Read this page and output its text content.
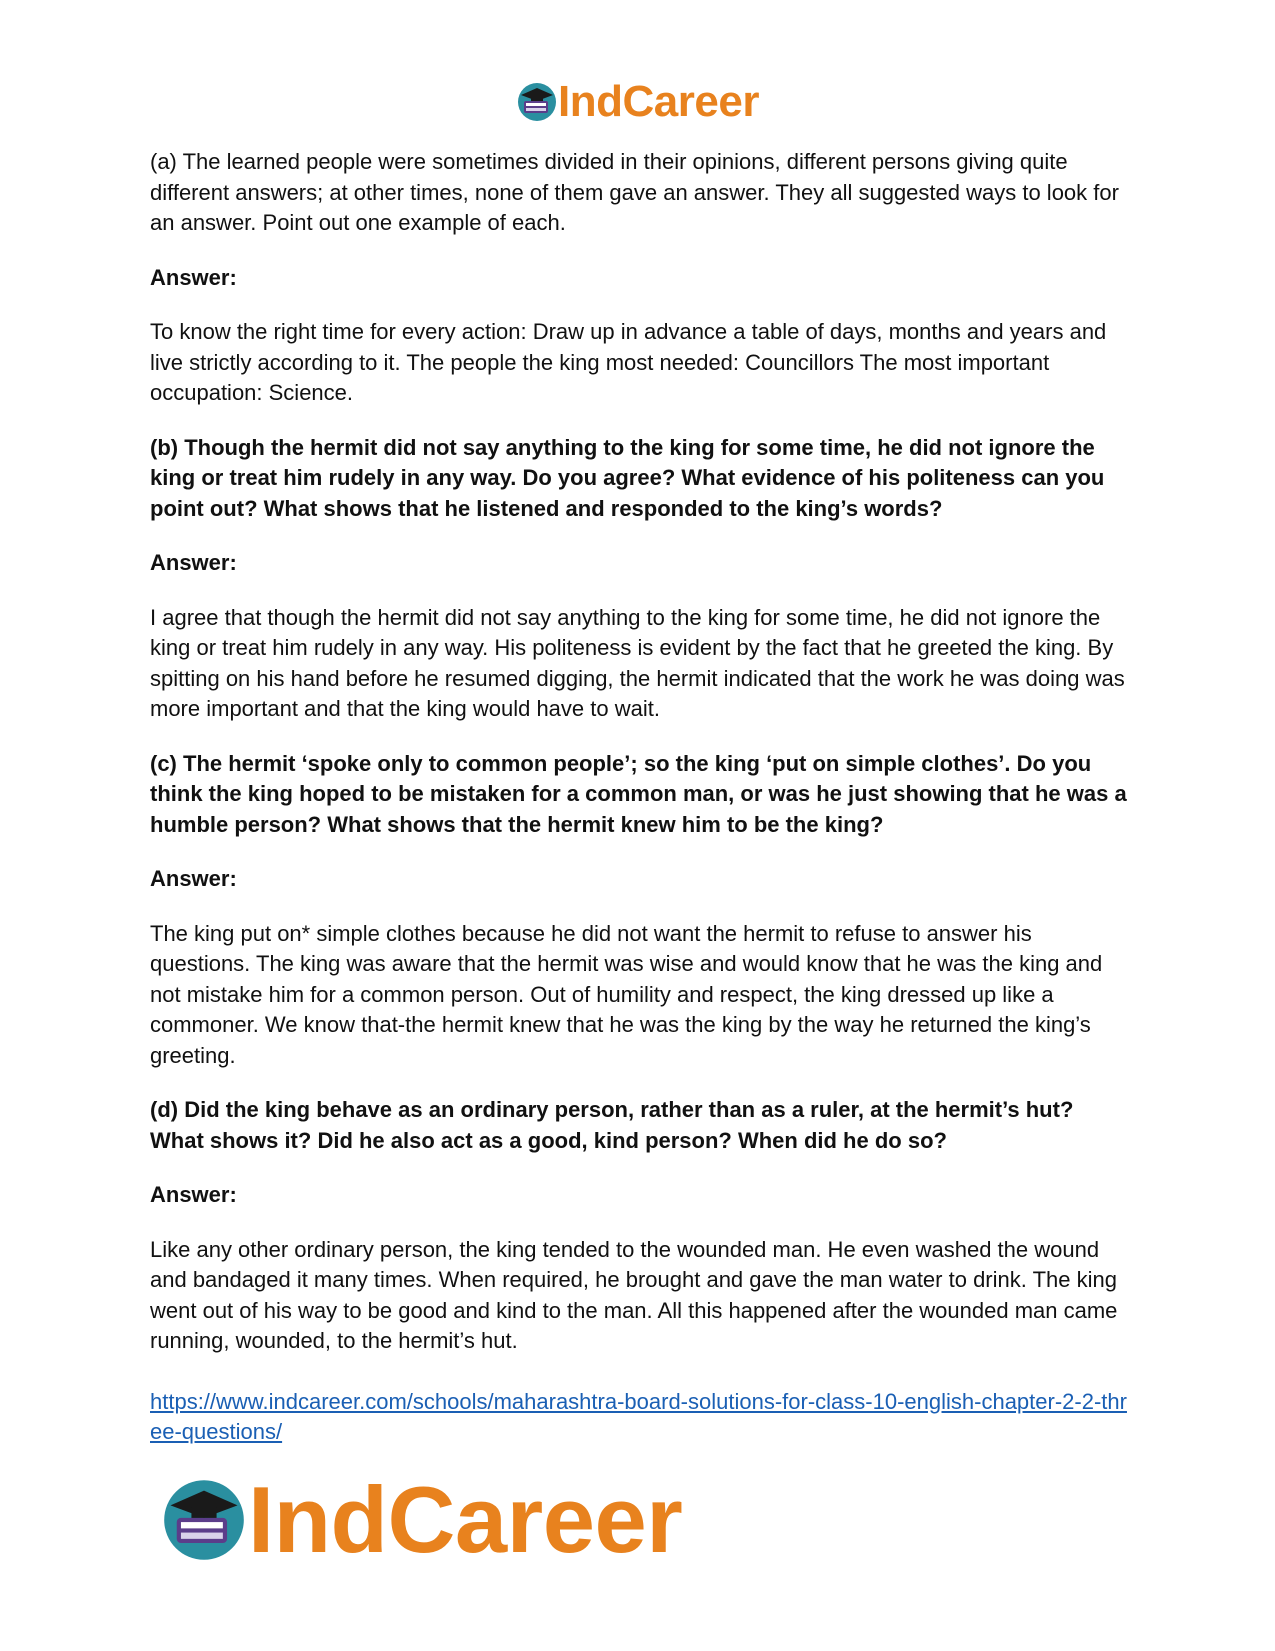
IndCareer

(a) The learned people were sometimes divided in their opinions, different persons giving quite different answers; at other times, none of them gave an answer. They all suggested ways to look for an answer. Point out one example of each.

Answer:

To know the right time for every action: Draw up in advance a table of days, months and years and live strictly according to it. The people the king most needed: Councillors The most important occupation: Science.

(b) Though the hermit did not say anything to the king for some time, he did not ignore the king or treat him rudely in any way. Do you agree? What evidence of his politeness can you point out? What shows that he listened and responded to the king’s words?

Answer:

I agree that though the hermit did not say anything to the king for some time, he did not ignore the king or treat him rudely in any way. His politeness is evident by the fact that he greeted the king. By spitting on his hand before he resumed digging, the hermit indicated that the work he was doing was more important and that the king would have to wait.

(c) The hermit ‘spoke only to common people’; so the king ‘put on simple clothes’. Do you think the king hoped to be mistaken for a common man, or was he just showing that he was a humble person? What shows that the hermit knew him to be the king?

Answer:

The king put on* simple clothes because he did not want the hermit to refuse to answer his questions. The king was aware that the hermit was wise and would know that he was the king and not mistake him for a common person. Out of humility and respect, the king dressed up like a commoner. We know that-the hermit knew that he was the king by the way he returned the king’s greeting.

(d) Did the king behave as an ordinary person, rather than as a ruler, at the hermit’s hut? What shows it? Did he also act as a good, kind person? When did he do so?

Answer:

Like any other ordinary person, the king tended to the wounded man. He even washed the wound and bandaged it many times. When required, he brought and gave the man water to drink. The king went out of his way to be good and kind to the man. All this happened after the wounded man came running, wounded, to the hermit’s hut.

https://www.indcareer.com/schools/maharashtra-board-solutions-for-class-10-english-chapter-2-2-three-questions/
IndCareer
